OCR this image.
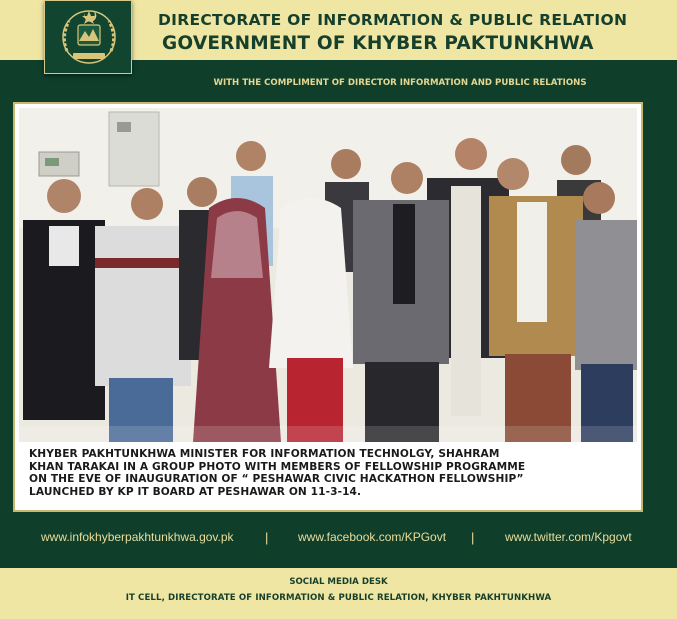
DIRECTORATE OF INFORMATION & PUBLIC RELATION
GOVERNMENT OF KHYBER PAKTUNKHWA
WITH THE COMPLIMENT OF DIRECTOR INFORMATION AND PUBLIC RELATIONS
KHYBER PAKHTUNKHWA MINISTER FOR INFORMATION TECHNOLGY, SHAHRAM
KHAN TARAKAI IN A GROUP PHOTO WITH MEMBERS OF FELLOWSHIP PROGRAMME
ON THE EVE OF INAUGURATION OF “ PESHAWAR CIVIC HACKATHON FELLOWSHIP”
LAUNCHED BY KP IT BOARD AT PESHAWAR ON 11-3-14.
www.infokhyberpakhtunkhwa.gov.pk | www.facebook.com/KPGovt |	www.twitter.com/Kpgovt
SOCIAL MEDIA DESK
IT CELL, DIRECTORATE OF INFORMATION & PUBLIC RELATION, KHYBER PAKHTUNKHWA
